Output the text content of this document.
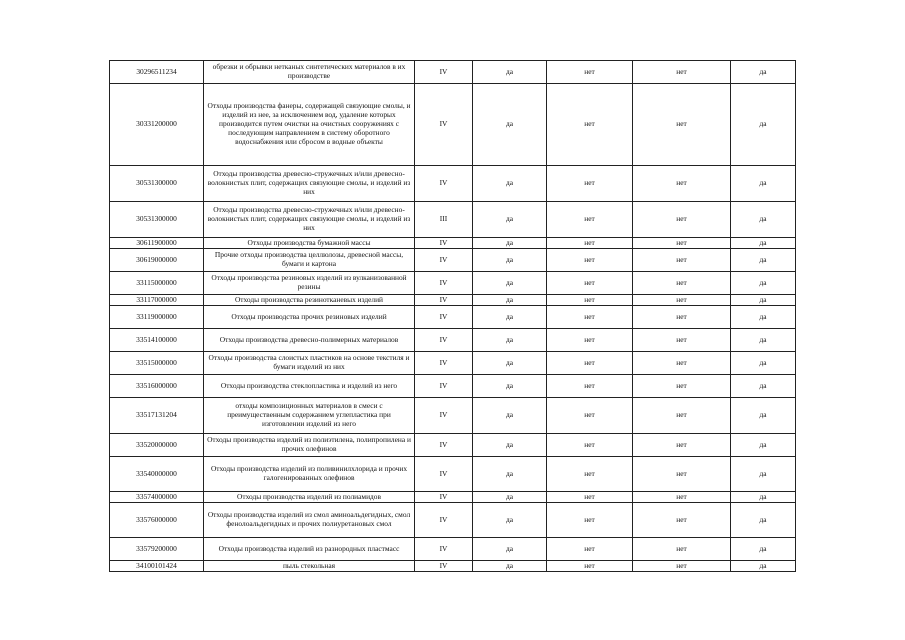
30296511234	обрезки и обрывки нетканых синтетических материалов в их производстве	IV	да	нет	нет	да
30331200000	Отходы производства фанеры, содержащей связующие смолы, и изделий из нее, за исключением вод, удаление которых производится путем очистки на очистных сооружениях с последующим направлением в систему оборотного водоснабжения или сбросом в водные объекты	IV	да	нет	нет	да
30531300000	Отходы производства древесно-стружечных и/или древесно-волокнистых плит, содержащих связующие смолы, и изделий из них	IV	да	нет	нет	да
30531300000	Отходы производства древесно-стружечных и/или древесно-волокнистых плит, содержащих связующие смолы, и изделий из них	III	да	нет	нет	да
30611900000	Отходы производства бумажной массы	IV	да	нет	нет	да
30619000000	Прочие отходы производства целлюлозы, древесной массы, бумаги и картона	IV	да	нет	нет	да
33115000000	Отходы производства резиновых изделий из вулканизованной резины	IV	да	нет	нет	да
33117000000	Отходы производства резинотканевых изделий	IV	да	нет	нет	да
33119000000	Отходы производства прочих резиновых изделий	IV	да	нет	нет	да
33514100000	Отходы производства древесно-полимерных материалов	IV	да	нет	нет	да
33515000000	Отходы производства слоистых пластиков на основе текстиля и бумаги изделий из них	IV	да	нет	нет	да
33516000000	Отходы производства стеклопластика и изделий из него	IV	да	нет	нет	да
33517131204	отходы композиционных материалов в смеси с преимущественным содержанием углепластика при изготовлении изделий из него	IV	да	нет	нет	да
33520000000	Отходы производства изделий из полиэтилена, полипропилена и прочих олефинов	IV	да	нет	нет	да
33540000000	Отходы производства изделий из поливинилхлорида и прочих галогенированных олефинов	IV	да	нет	нет	да
33574000000	Отходы производства изделий из полиамидов	IV	да	нет	нет	да
33576000000	Отходы производства изделий из смол аминоальдегидных, смол фенолоальдегидных и прочих полиуретановых смол	IV	да	нет	нет	да
33579200000	Отходы производства изделий из разнородных пластмасс	IV	да	нет	нет	да
34100101424	пыль стекольная	IV	да	нет	нет	да
